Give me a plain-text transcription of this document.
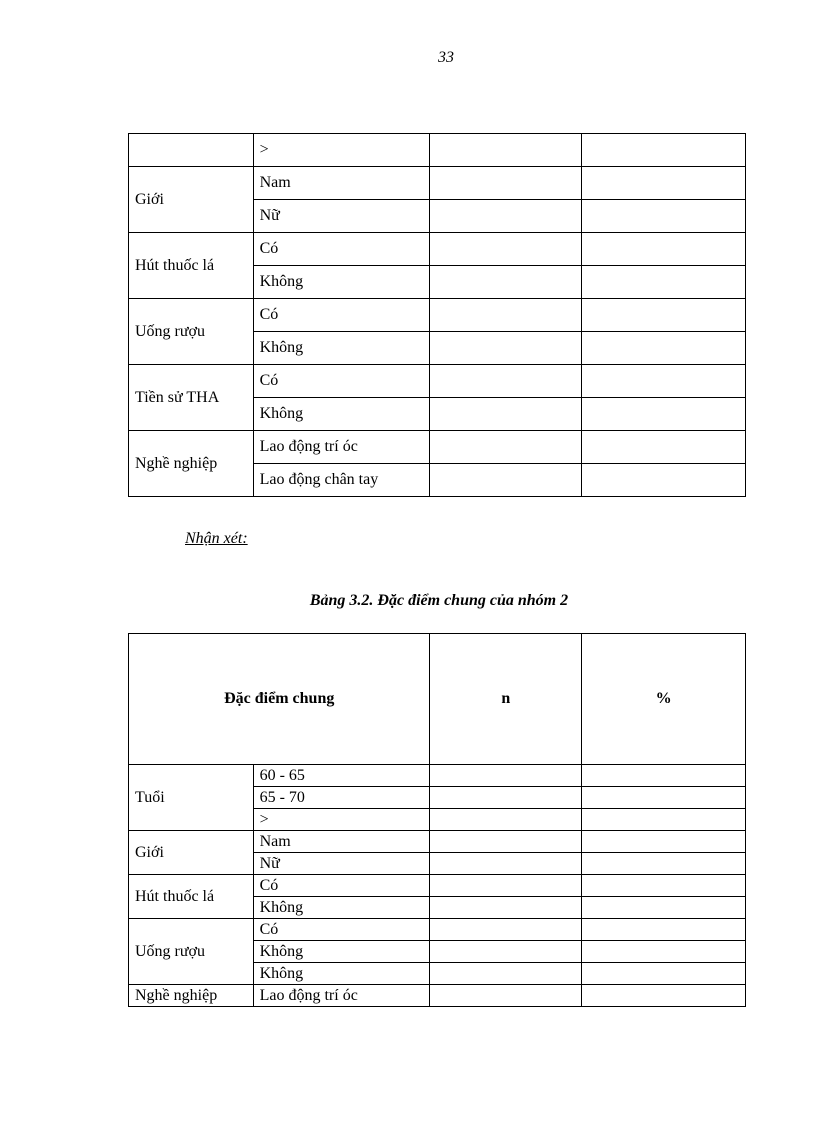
33
	>		
Giới	Nam		
	Nữ		
Hút thuốc lá	Có		
	Không		
Uống rượu	Có		
	Không		
Tiền sử THA	Có		
	Không		
Nghề nghiệp	Lao động trí óc		
	Lao động chân tay		
Nhận xét:
Bảng 3.2. Đặc điểm chung của nhóm 2
Đặc điểm chung		n	%
Tuổi	60 - 65		
	65 - 70		
	>		
Giới	Nam		
	Nữ		
Hút thuốc lá	Có		
	Không		
Uống rượu	Có		
	Không		
	Không		
Nghề nghiệp	Lao động trí óc		
